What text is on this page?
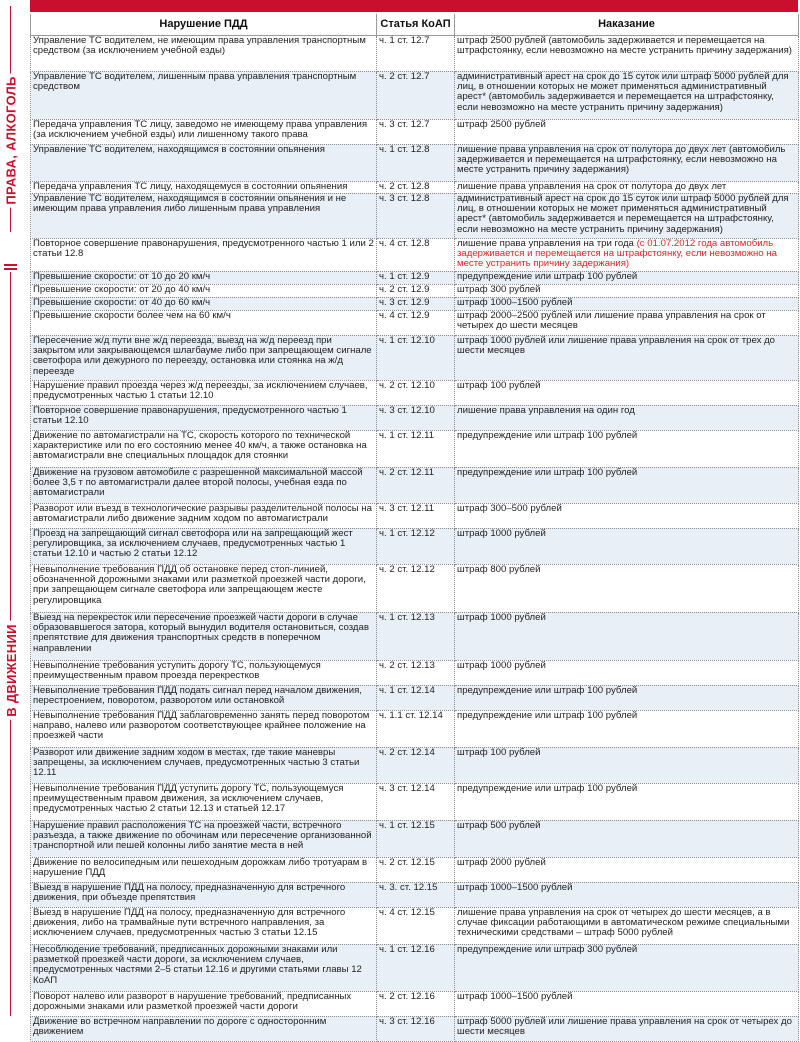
ПРАВА, АЛКОГОЛЬ
В ДВИЖЕНИИ
Нарушение ПДД	Статья КоАП	Наказание
Управление ТС водителем, не имеющим права управления транспортным средством (за исключением учебной езды)	ч. 1 ст. 12.7	штраф 2500 рублей (автомобиль задерживается и перемещается на штрафстоянку, если невозможно на месте устранить причину задержания)
Управление ТС водителем, лишенным права управления транспортным средством	ч. 2 ст. 12.7	административный арест на срок до 15 суток или штраф 5000 рублей для лиц, в отношении которых не может применяться административный арест* (автомобиль задерживается и перемещается на штрафстоянку, если невозможно на месте устранить причину задержания)
Передача управления ТС лицу, заведомо не имеющему права управления (за исключением учебной езды) или лишенному такого права	ч. 3 ст. 12.7	штраф 2500 рублей
Управление ТС водителем, находящимся в состоянии опьянения	ч. 1 ст. 12.8	лишение права управления на срок от полутора до двух лет (автомобиль задерживается и перемещается на штрафстоянку, если невозможно на месте устранить причину задержания)
Передача управления ТС лицу, находящемуся в состоянии опьянения	ч. 2 ст. 12.8	лишение права управления на срок от полутора до двух лет
Управление ТС водителем, находящимся в состоянии опьянения и не имеющим права управления либо лишенным права управления	ч. 3 ст. 12.8	административный арест на срок до 15 суток или штраф 5000 рублей для лиц, в отношении которых не может применяться административный арест* (автомобиль задерживается и перемещается на штрафстоянку, если невозможно на месте устранить причину задержания)
Повторное совершение правонарушения, предусмотренного частью 1 или 2 статьи 12.8	ч. 4 ст. 12.8	лишение права управления на три года (с 01.07.2012 года автомобиль задерживается и перемещается на штрафстоянку, если невозможно на месте устранить причину задержания)
Превышение скорости: от 10 до 20 км/ч	ч. 1 ст. 12.9	предупреждение или штраф 100 рублей
Превышение скорости: от 20 до 40 км/ч	ч. 2 ст. 12.9	штраф 300 рублей
Превышение скорости: от 40 до 60 км/ч	ч. 3 ст. 12.9	штраф 1000–1500 рублей
Превышение скорости более чем на 60 км/ч	ч. 4 ст. 12.9	штраф 2000–2500 рублей или лишение права управления на срок от четырех до шести месяцев
Пересечение ж/д пути вне ж/д переезда, выезд на ж/д переезд при закрытом или закрывающемся шлагбауме либо при запрещающем сигнале светофора или дежурного по переезду, остановка или стоянка на ж/д переезде	ч. 1 ст. 12.10	штраф 1000 рублей или лишение права управления на срок от трех до шести месяцев
Нарушение правил проезда через ж/д переезды, за исключением случаев, предусмотренных частью 1 статьи 12.10	ч. 2 ст. 12.10	штраф 100 рублей
Повторное совершение правонарушения, предусмотренного частью 1 статьи 12.10	ч. 3 ст. 12.10	лишение права управления на один год
Движение по автомагистрали на ТС, скорость которого по технической характеристике или по его состоянию менее 40 км/ч, а также остановка на автомагистрали вне специальных площадок для стоянки	ч. 1 ст. 12.11	предупреждение или штраф 100 рублей
Движение на грузовом автомобиле с разрешенной максимальной массой более 3,5 т по автомагистрали далее второй полосы, учебная езда по автомагистрали	ч. 2 ст. 12.11	предупреждение или штраф 100 рублей
Разворот или въезд в технологические разрывы разделительной полосы на автомагистрали либо движение задним ходом по автомагистрали	ч. 3 ст. 12.11	штраф 300–500 рублей
Проезд на запрещающий сигнал светофора или на запрещающий жест регулировщика, за исключением случаев, предусмотренных частью 1 статьи 12.10 и частью 2 статьи 12.12	ч. 1 ст. 12.12	штраф 1000 рублей
Невыполнение требования ПДД об остановке перед стоп-линией, обозначенной дорожными знаками или разметкой проезжей части дороги, при запрещающем сигнале светофора или запрещающем жесте регулировщика	ч. 2 ст. 12.12	штраф 800 рублей
Выезд на перекресток или пересечение проезжей части дороги в случае образовавшегося затора, который вынудил водителя остановиться, создав препятствие для движения транспортных средств в поперечном направлении	ч. 1 ст. 12.13	штраф 1000 рублей
Невыполнение требования уступить дорогу ТС, пользующемуся преимущественным правом проезда перекрестков	ч. 2 ст. 12.13	штраф 1000 рублей
Невыполнение требования ПДД подать сигнал перед началом движения, перестроением, поворотом, разворотом или остановкой	ч. 1 ст. 12.14	предупреждение или штраф 100 рублей
Невыполнение требования ПДД заблаговременно занять перед поворотом направо, налево или разворотом соответствующее крайнее положение на проезжей части	ч. 1.1 ст. 12.14	предупреждение или штраф 100 рублей
Разворот или движение задним ходом в местах, где такие маневры запрещены, за исключением случаев, предусмотренных частью 3 статьи 12.11	ч. 2 ст. 12.14	штраф 100 рублей
Невыполнение требования ПДД уступить дорогу ТС, пользующемуся преимущественным правом движения, за исключением случаев, предусмотренных частью 2 статьи 12.13 и статьей 12.17	ч. 3 ст. 12.14	предупреждение или штраф 100 рублей
Нарушение правил расположения ТС на проезжей части, встречного разъезда, а также движение по обочинам или пересечение организованной транспортной или пешей колонны либо занятие места в ней	ч. 1 ст. 12.15	штраф 500 рублей
Движение по велосипедным или пешеходным дорожкам либо тротуарам в нарушение ПДД	ч. 2 ст. 12.15	штраф 2000 рублей
Выезд в нарушение ПДД на полосу, предназначенную для встречного движения, при объезде препятствия	ч. 3. ст. 12.15	штраф 1000–1500 рублей
Выезд в нарушение ПДД на полосу, предназначенную для встречного движения, либо на трамвайные пути встречного направления, за исключением случаев, предусмотренных частью 3 статьи 12.15	ч. 4 ст. 12.15	лишение права управления на срок от четырех до шести месяцев, а в случае фиксации работающими в автоматическом режиме специальными техническими средствами – штраф 5000 рублей
Несоблюдение требований, предписанных дорожными знаками или разметкой проезжей части дороги, за исключением случаев, предусмотренных частями 2–5 статьи 12.16 и другими статьями главы 12 КоАП	ч. 1 ст. 12.16	предупреждение или штраф 300 рублей
Поворот налево или разворот в нарушение требований, предписанных дорожными знаками или разметкой проезжей части дороги	ч. 2 ст. 12.16	штраф 1000–1500 рублей
Движение во встречном направлении по дороге с односторонним движением	ч. 3 ст. 12.16	штраф 5000 рублей или лишение права управления на срок от четырех до шести месяцев
